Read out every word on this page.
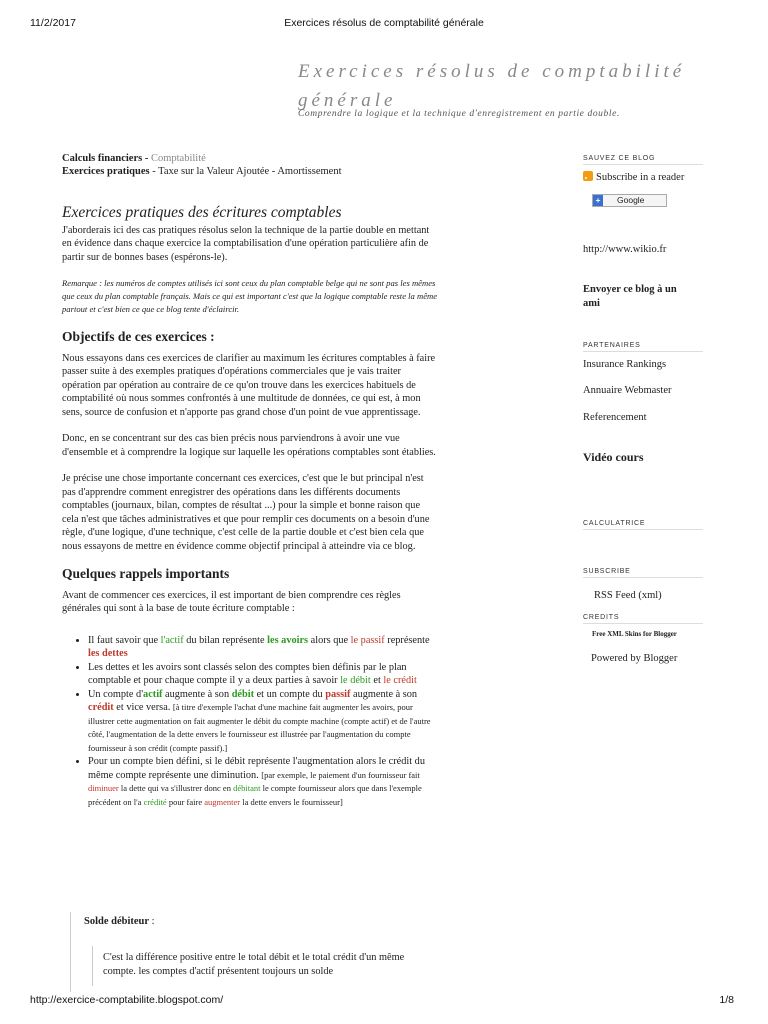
11/2/2017	Exercices résolus de comptabilité générale
http://exercice-comptabilite.blogspot.com/	1/8
Exercices résolus de comptabilité générale
Comprendre la logique et la technique d'enregistrement en partie double.
Calculs financiers - Comptabilité
Exercices pratiques - Taxe sur la Valeur Ajoutée - Amortissement
Exercices pratiques des écritures comptables

J'aborderais ici des cas pratiques résolus selon la technique de la partie double en mettant en évidence dans chaque exercice la comptabilisation d'une opération particulière afin de partir sur de bonnes bases (espérons-le).

Remarque : les numéros de comptes utilisés ici sont ceux du plan comptable belge qui ne sont pas les mêmes que ceux du plan comptable français. Mais ce qui est important c'est que la logique comptable reste la même partout et c'est bien ce que ce blog tente d'éclaircir.

Objectifs de ces exercices :

Nous essayons dans ces exercices de clarifier au maximum les écritures comptables à faire passer suite à des exemples pratiques d'opérations commerciales que je vais traiter opération par opération au contraire de ce qu'on trouve dans les exercices habituels de comptabilité où nous sommes confrontés à une multitude de données, ce qui est, à mon sens, source de confusion et n'apporte pas grand chose d'un point de vue apprentissage.

Donc, en se concentrant sur des cas bien précis nous parviendrons à avoir une vue d'ensemble et à comprendre la logique sur laquelle les opérations comptables sont établies.

Je précise une chose importante concernant ces exercices, c'est que le but principal n'est pas d'apprendre comment enregistrer des opérations dans les différents documents comptables (journaux, bilan, comptes de résultat ...) pour la simple et bonne raison que cela n'est que tâches administratives et que pour remplir ces documents on a besoin d'une règle, d'une logique, d'une technique, c'est celle de la partie double et c'est bien cela que nous essayons de mettre en évidence comme objectif principal à atteindre via ce blog.

Quelques rappels importants

Avant de commencer ces exercices, il est important de bien comprendre ces règles générales qui sont à la base de toute écriture comptable :

• Il faut savoir que l'actif du bilan représente les avoirs alors que le passif représente les dettes
• Les dettes et les avoirs sont classés selon des comptes bien définis par le plan comptable et pour chaque compte il y a deux parties à savoir le débit et le crédit
• Un compte d'actif augmente à son débit et un compte du passif augmente à son crédit et vice versa. [à titre d'exemple l'achat d'une machine fait augmenter les avoirs, pour illustrer cette augmentation on fait augmenter le débit du compte machine (compte actif) et de l'autre côté, l'augmentation de la dette envers le fournisseur est illustrée par l'augmentation du compte fournisseur à son crédit (compte passif).]
• Pour un compte bien défini, si le débit représente l'augmentation alors le crédit du même compte représente une diminution. [par exemple, le paiement d'un fournisseur fait diminuer la dette qui va s'illustrer donc en débitant le compte fournisseur alors que dans l'exemple précédent on l'a crédité pour faire augmenter la dette envers le fournisseur]
Solde débiteur :
C'est la différence positive entre le total débit et le total crédit d'un même compte. les comptes d'actif présentent toujours un solde
SAUVEZ CE BLOG
Subscribe in a reader
+ Google
http://www.wikio.fr
Envoyer ce blog à un ami
PARTENAIRES
Insurance Rankings
Annuaire Webmaster
Referencement
Vidéo cours
CALCULATRICE
SUBSCRIBE
RSS Feed (xml)
CREDITS
Free XML Skins for Blogger
Powered by Blogger
